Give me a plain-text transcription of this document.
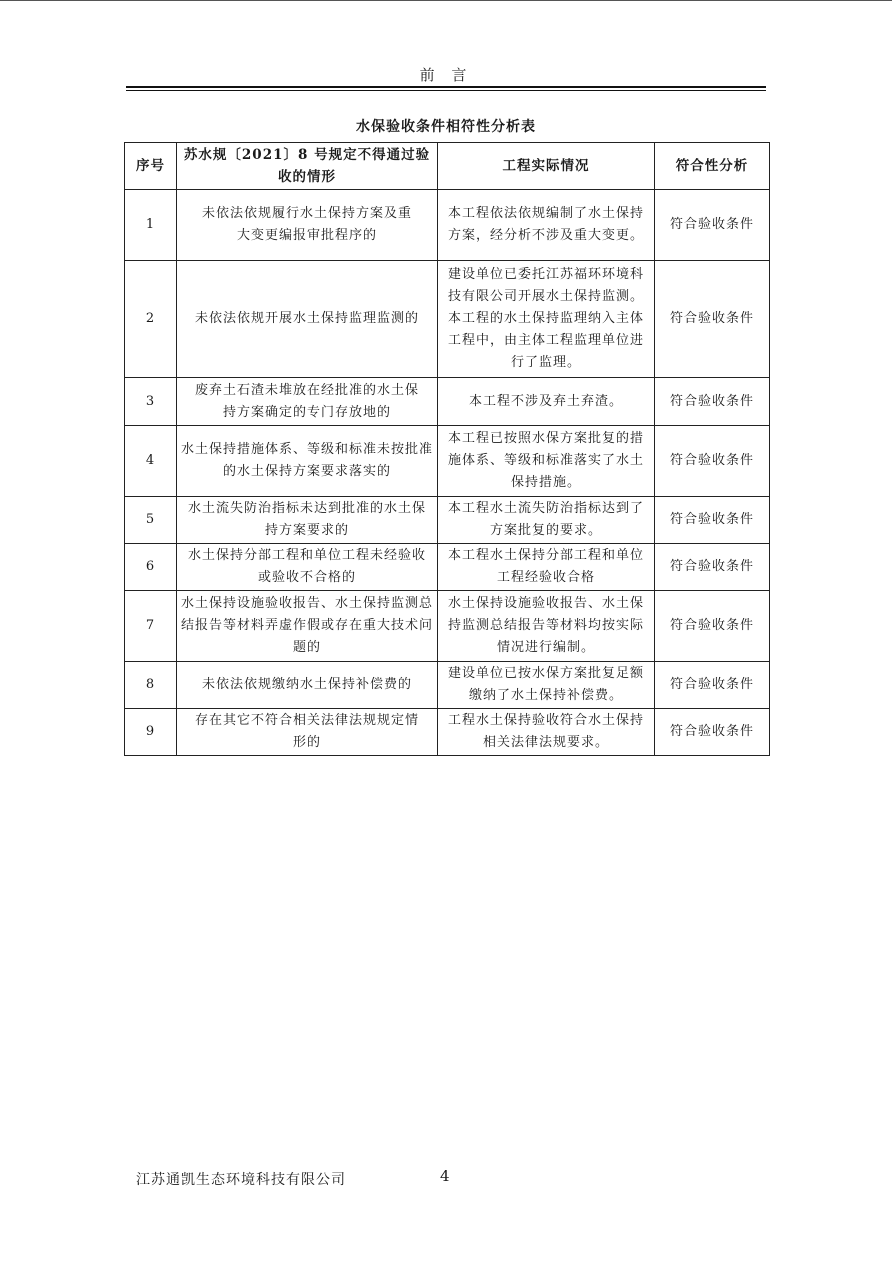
前 言
水保验收条件相符性分析表
序号	苏水规〔2021〕8 号规定不得通过验收的情形	工程实际情况	符合性分析
1	未依法依规履行水土保持方案及重大变更编报审批程序的	本工程依法依规编制了水土保持方案，经分析不涉及重大变更。	符合验收条件
2	未依法依规开展水土保持监理监测的	建设单位已委托江苏福环环境科技有限公司开展水土保持监测。本工程的水土保持监理纳入主体工程中，由主体工程监理单位进行了监理。	符合验收条件
3	废弃土石渣未堆放在经批准的水土保持方案确定的专门存放地的	本工程不涉及弃土弃渣。	符合验收条件
4	水土保持措施体系、等级和标准未按批准的水土保持方案要求落实的	本工程已按照水保方案批复的措施体系、等级和标准落实了水土保持措施。	符合验收条件
5	水土流失防治指标未达到批准的水土保持方案要求的	本工程水土流失防治指标达到了方案批复的要求。	符合验收条件
6	水土保持分部工程和单位工程未经验收或验收不合格的	本工程水土保持分部工程和单位工程经验收合格	符合验收条件
7	水土保持设施验收报告、水土保持监测总结报告等材料弄虚作假或存在重大技术问题的	水土保持设施验收报告、水土保持监测总结报告等材料均按实际情况进行编制。	符合验收条件
8	未依法依规缴纳水土保持补偿费的	建设单位已按水保方案批复足额缴纳了水土保持补偿费。	符合验收条件
9	存在其它不符合相关法律法规规定情形的	工程水土保持验收符合水土保持相关法律法规要求。	符合验收条件
江苏通凯生态环境科技有限公司	4
